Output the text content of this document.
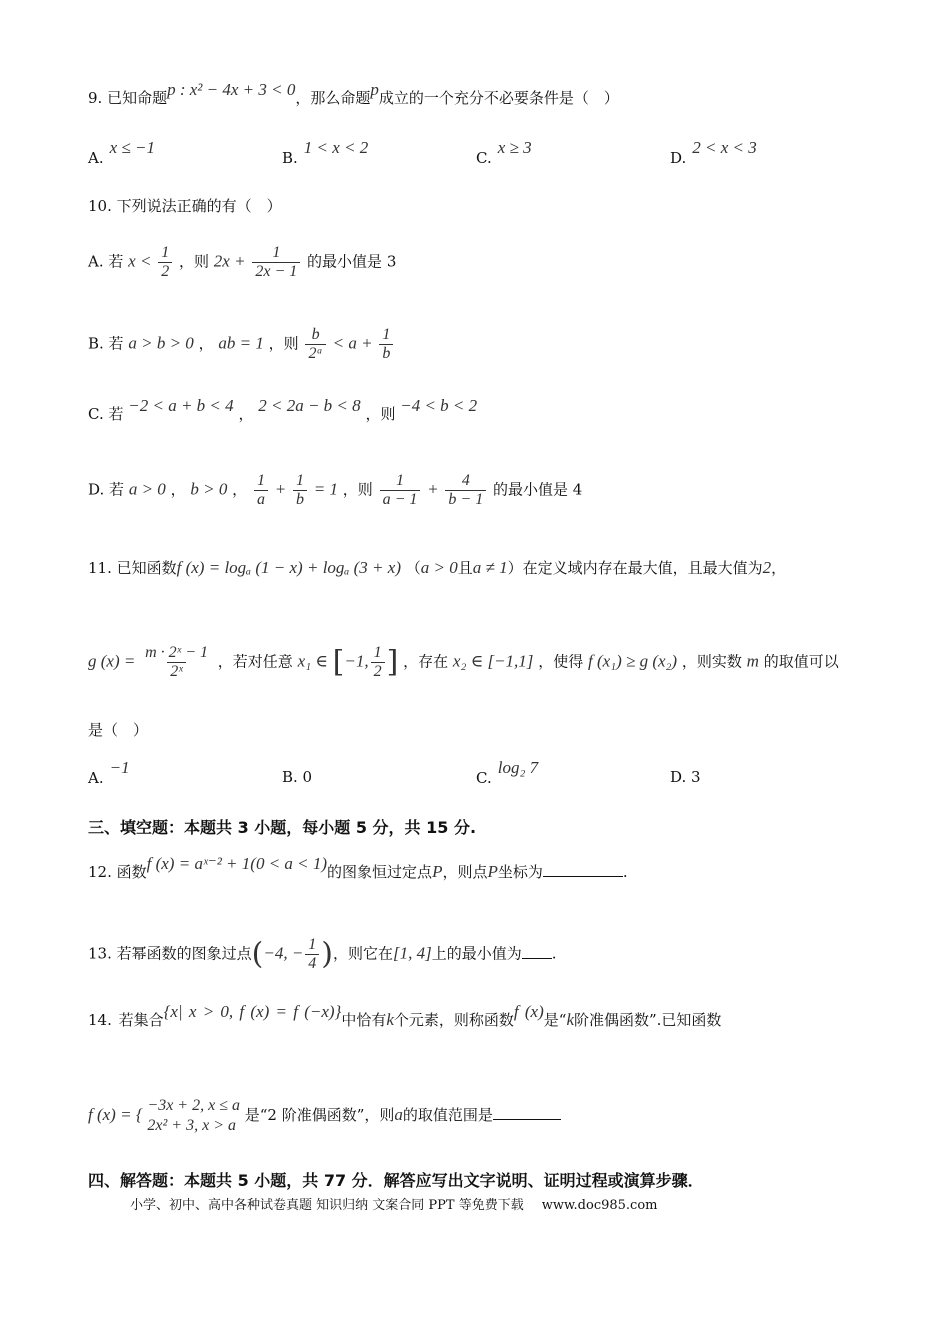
9. 已知命题p : x² − 4x + 3 < 0，那么命题p成立的一个充分不必要条件是（　）
A.x ≤ −1
B.1 < x < 2
C.x ≥ 3
D.2 < x < 3
10. 下列说法正确的有（　）
A. 若 $x < \frac{1}{2}$ ，则 $2x + \frac{1}{2x - 1}$ 的最小值是 3
B. 若 a > b > 0 ， ab = 1 ，则 $\frac{b}{\text{2ᵃ}} < a + \frac{1}{b}$
C. 若 −2 < a + b < 4 ， 2 < 2a − b < 8 ，则 −4 < b < 2
D. 若 a > 0 ， b > 0 ， $\frac{1}{a} + \frac{1}{b} = 1$ ，则 $\frac{1}{a - 1} + \frac{4}{b - 1}$ 的最小值是 4
11. 已知函数f (x) = logₐ (1 − x) + logₐ (3 + x) （a > 0且a ≠ 1）在定义域内存在最大值，且最大值为2，
g $(x) = \frac{\text{m · 2ˣ − 1}}{\text{2ˣ}}$ ，若对任意 x₁ ∈ [−1, $\frac{1}{2}$ ] ，存在 x₂ ∈ [−1,1] ，使得 f (x₁) ≥ g (x₂) ，则实数 m 的取值可以
是（　）
A.−1	B. 0	C.log₂ 7	D. 3
三、填空题：本题共 3 小题，每小题 5 分，共 15 分.
12. 函数f (x) = aˣ⁻² + 1(0 < a < 1)的图象恒过定点P，则点P坐标为	.
13. 若幂函数的图象过点(−4, − $\frac{1}{4}$ )，则它在[1, 4]上的最小值为 .
14. 若集合{x| x > 0, f (x) = f (−x)}中恰有k个元素，则称函数f (x)是“k阶准偶函数”.已知函数
f (x) = { −3x + 2, x ≤ a
2x² + 3, x > a
是“2 阶准偶函数”，则a的取值范围是
四、解答题：本题共 5 小题，共 77 分．解答应写出文字说明、证明过程或演算步骤．
小学、初中、高中各种试卷真题 知识归纳 文案合同 PPT 等免费下载 www.doc985.com
